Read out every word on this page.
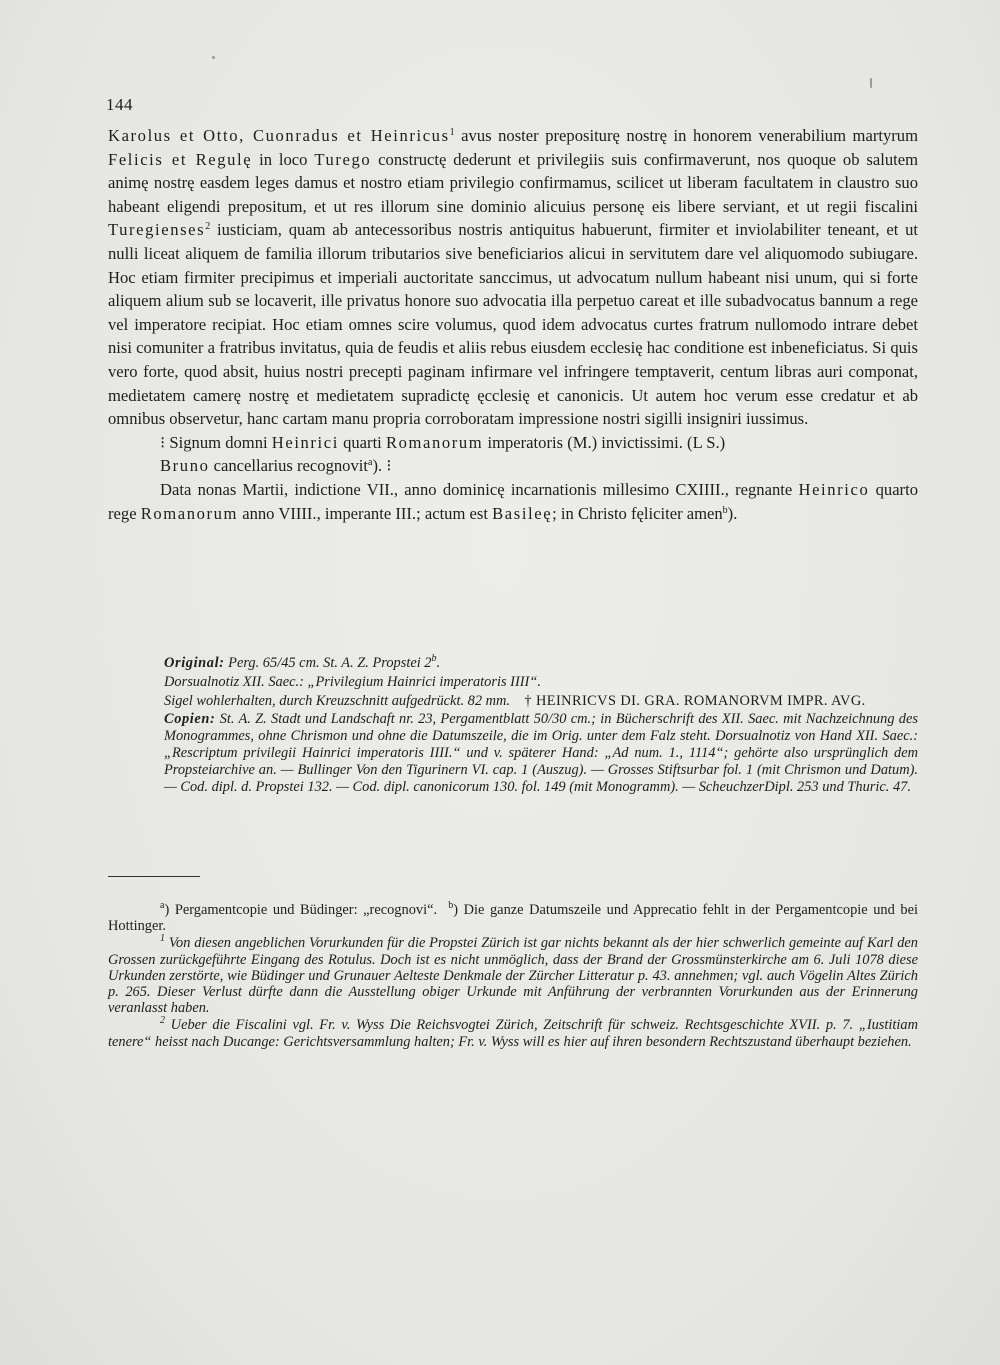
144

Karolus et Otto, Cuonradus et Heinricus$^1$ avus noster prepositurę nostrę in honorem venerabilium martyrum Felicis et Regulę in loco Turego constructę dederunt et privilegiis suis confirmaverunt, nos quoque ob salutem animę nostrę easdem leges damus et nostro etiam privilegio confirmamus, scilicet ut liberam facultatem in claustro suo habeant eligendi prepositum, et ut res illorum sine dominio alicuius personę eis libere serviant, et ut regii fiscalini Turegienses$^2$ iusticiam, quam ab antecessoribus nostris antiquitus habuerunt, firmiter et inviolabiliter teneant, et ut nulli liceat aliquem de familia illorum tributarios sive beneficiarios alicui in servitutem dare vel aliquomodo subiugare. Hoc etiam firmiter precipimus et imperiali auctoritate sanccimus, ut advocatum nullum habeant nisi unum, qui si forte aliquem alium sub se locaverit, ille privatus honore suo advocatia illa perpetuo careat et ille subadvocatus bannum a rege vel imperatore recipiat. Hoc etiam omnes scire volumus, quod idem advocatus curtes fratrum nullomodo intrare debet nisi comuniter a fratribus invitatus, quia de feudis et aliis rebus eiusdem ecclesię hac conditione est inbeneficiatus. Si quis vero forte, quod absit, huius nostri precepti paginam infirmare vel infringere temptaverit, centum libras auri componat, medietatem camerę nostrę et medietatem supradictę ęcclesię et canonicis. Ut autem hoc verum esse credatur et ab omnibus observetur, hanc cartam manu propria corroboratam impressione nostri sigilli insigniri iussimus.

⁝ Signum domni Heinrici quarti Romanorum imperatoris (M.) invictissimi. (L S.)

Bruno cancellarius recognovit$^a$). ⁝

Data nonas Martii, indictione VII., anno dominicę incarnationis millesimo CXIIII., regnante Heinrico quarto rege Romanorum anno VIIII., imperante III.; actum est Basileę; in Christo fęliciter amen$^b$).

Original: Perg. 65/45 cm. St. A. Z. Propstei 2$^b$.

Dorsualnotiz XII. Saec.: „Privilegium Hainrici imperatoris IIII“.

Sigel wohlerhalten, durch Kreuzschnitt aufgedrückt. 82 mm. † HEINRICVS DI. GRA. ROMANORVM IMPR. AVG.

Copien: St. A. Z. Stadt und Landschaft nr. 23, Pergamentblatt 50/30 cm.; in Bücherschrift des XII. Saec. mit Nachzeichnung des Monogrammes, ohne Chrismon und ohne die Datumszeile, die im Orig. unter dem Falz steht. Dorsualnotiz von Hand XII. Saec.: „Rescriptum privilegii Hainrici imperatoris IIII.“ und v. späterer Hand: „Ad num. 1., 1114“; gehörte also ursprünglich dem Propsteiarchive an. — Bullinger Von den Tigurinern VI. cap. 1 (Auszug). — Grosses Stiftsurbar fol. 1 (mit Chrismon und Datum). — Cod. dipl. d. Propstei 132. — Cod. dipl. canonicorum 130. fol. 149 (mit Monogramm). — ScheuchzerDipl. 253 und Thuric. 47.

$^a$) Pergamentcopie und Büdinger: „recognovi“. $^b$) Die ganze Datumszeile und Apprecatio fehlt in der Pergamentcopie und bei Hottinger.

$^1$ Von diesen angeblichen Vorurkunden für die Propstei Zürich ist gar nichts bekannt als der hier schwerlich gemeinte auf Karl den Grossen zurückgeführte Eingang des Rotulus. Doch ist es nicht unmöglich, dass der Brand der Grossmünsterkirche am 6. Juli 1078 diese Urkunden zerstörte, wie Büdinger und Grunauer Aelteste Denkmale der Zürcher Litteratur p. 43. annehmen; vgl. auch Vögelin Altes Zürich p. 265. Dieser Verlust dürfte dann die Ausstellung obiger Urkunde mit Anführung der verbrannten Vorurkunden aus der Erinnerung veranlasst haben.

$^2$ Ueber die Fiscalini vgl. Fr. v. Wyss Die Reichsvogtei Zürich, Zeitschrift für schweiz. Rechtsgeschichte XVII. p. 7. „Iustitiam tenere“ heisst nach Ducange: Gerichtsversammlung halten; Fr. v. Wyss will es hier auf ihren besondern Rechtszustand überhaupt beziehen.
